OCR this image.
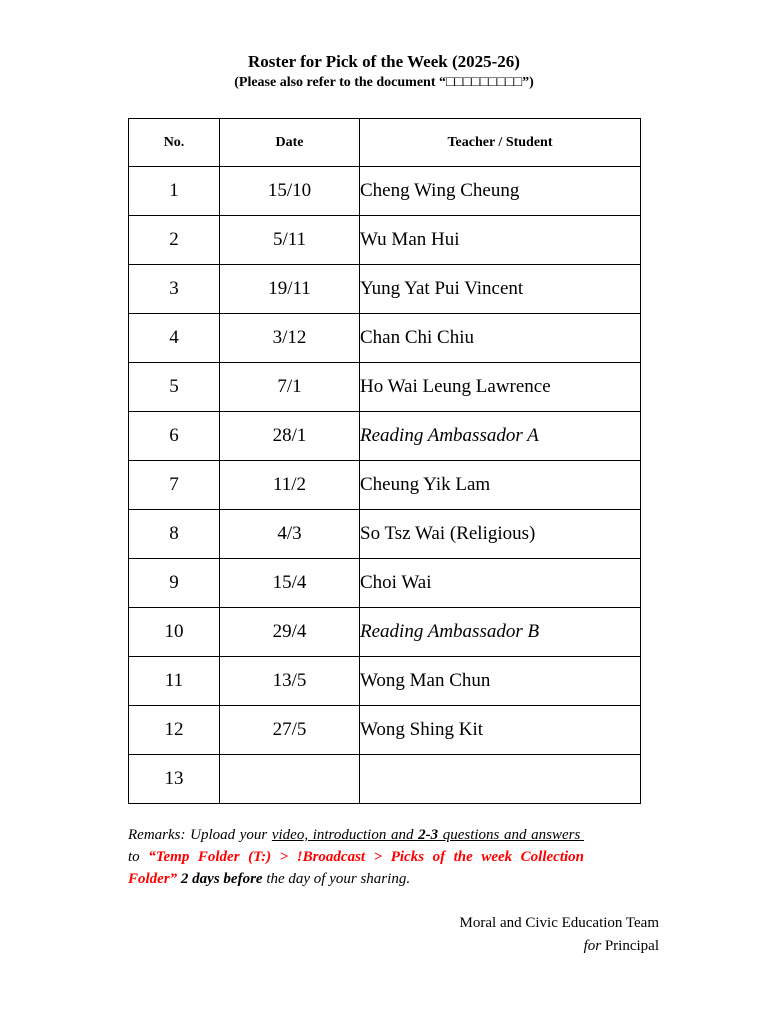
Roster for Pick of the Week (2025-26)
(Please also refer to the document “□□□□□□□□□”)
No.	Date	Teacher / Student
1	15/10	Cheng Wing Cheung
2	5/11	Wu Man Hui
3	19/11	Yung Yat Pui Vincent
4	3/12	Chan Chi Chiu
5	7/1	Ho Wai Leung Lawrence
6	28/1	Reading Ambassador A
7	11/2	Cheung Yik Lam
8	4/3	So Tsz Wai (Religious)
9	15/4	Choi Wai
10	29/4	Reading Ambassador B
11	13/5	Wong Man Chun
12	27/5	Wong Shing Kit
13		
Remarks: Upload your video, introduction and 2-3 questions and answers  to “Temp Folder (T:) > !Broadcast > Picks of the week Collection Folder” 2 days before the day of your sharing.
Moral and Civic Education Team
for Principal
